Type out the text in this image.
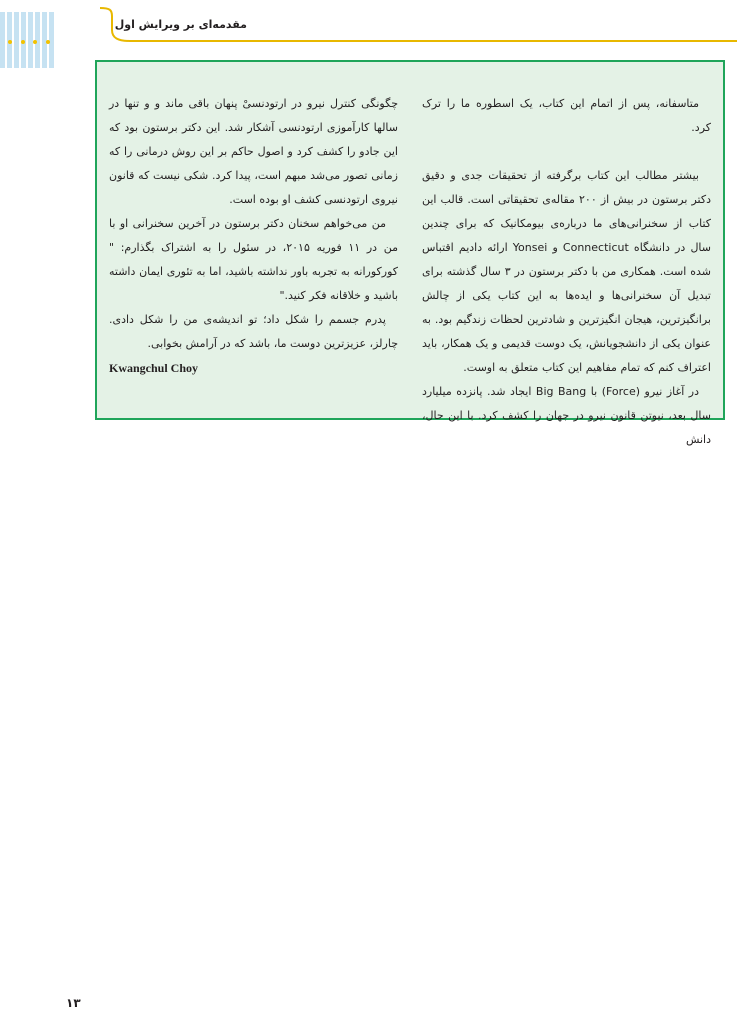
مقدمه‌ای بر ویرایش اول

متاسفانه، پس از اتمام این کتاب، یک اسطوره ما را ترک کرد.

بیشتر مطالب این کتاب برگرفته از تحقیقات جدی و دقیق دکتر برستون در بیش از ۲۰۰ مقاله‌ی تحقیقاتی است. قالب این کتاب از سخنرانی‌های ما درباره‌ی بیومکانیک که برای چندین سال در دانشگاه Connecticut و Yonsei ارائه دادیم اقتباس شده است. همکاری من با دکتر برستون در ۳ سال گذشته برای تبدیل آن سخنرانی‌ها و ایده‌ها به این کتاب یکی از چالش برانگیزترین، هیجان انگیزترین و شادترین لحظات زندگیم بود. به عنوان یکی از دانشجویانش، یک دوست قدیمی و یک همکار، باید اعتراف کنم که تمام مفاهیم این کتاب متعلق به اوست.

در آغاز نیرو (Force) با Big Bang ایجاد شد. پانزده میلیارد سال بعد، نیوتن قانون نیرو در جهان را کشف کرد. با این حال، دانش

چگونگی کنترل نیرو در ارتودنسیْ پنهان باقی ماند و و تنها در سالها کارآموزی ارتودنسی آشکار شد. این دکتر برستون بود که این جادو را کشف کرد و اصول حاکم بر این روش درمانی را که زمانی تصور می‌شد مبهم است، پیدا کرد. شکی نیست که قانون نیروی ارتودنسی کشف او بوده است.

من می‌خواهم سخنان دکتر برستون در آخرین سخنرانی او با من در ۱۱ فوریه ۲۰۱۵، در سئول را به اشتراک بگذارم: " کورکورانه به تجربه باور نداشته باشید، اما به تئوری ایمان داشته باشید و خلاقانه فکر کنید."

پدرم جسمم را شکل داد؛ تو اندیشه‌ی من را شکل دادی. چارلز، عزیزترین دوست ما، باشد که در آرامش بخوابی.

Kwangchul Choy

۱۳
